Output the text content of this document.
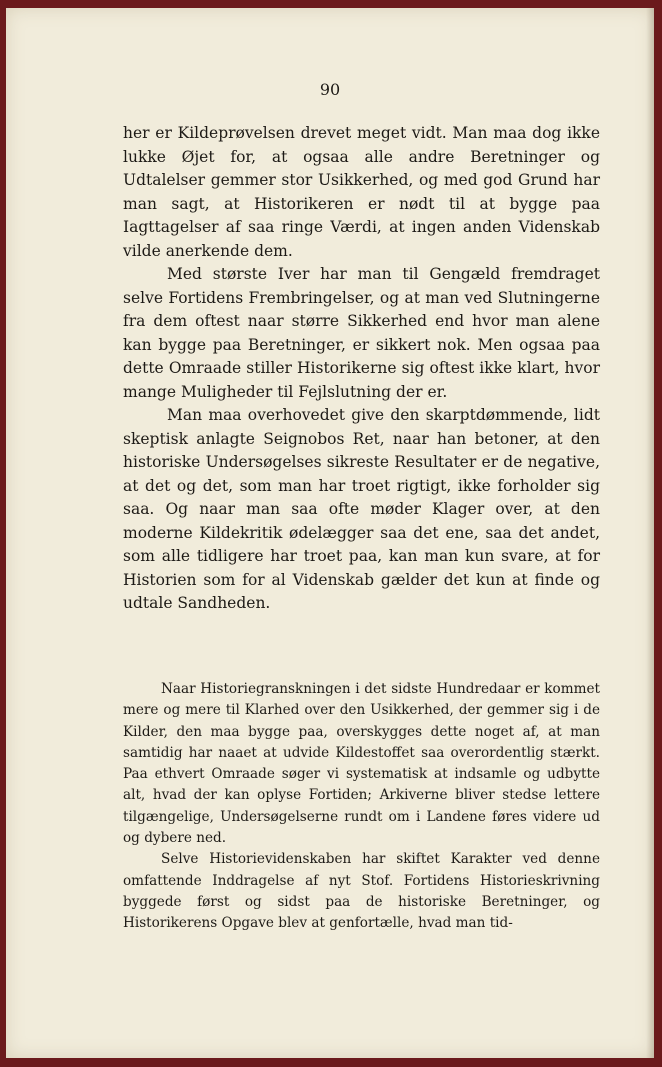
90

her er Kildeprøvelsen drevet meget vidt. Man maa dog ikke lukke Øjet for, at ogsaa alle andre Beretninger og Udtalelser gemmer stor Usikkerhed, og med god Grund har man sagt, at Historikeren er nødt til at bygge paa Iagttagelser af saa ringe Værdi, at ingen anden Videnskab vilde anerkende dem.

Med største Iver har man til Gengæld fremdraget selve Fortidens Frembringelser, og at man ved Slutningerne fra dem oftest naar større Sikkerhed end hvor man alene kan bygge paa Beretninger, er sikkert nok. Men ogsaa paa dette Omraade stiller Historikerne sig oftest ikke klart, hvor mange Muligheder til Fejlslutning der er.

Man maa overhovedet give den skarptdømmende, lidt skeptisk anlagte Seignobos Ret, naar han betoner, at den historiske Undersøgelses sikreste Resultater er de negative, at det og det, som man har troet rigtigt, ikke forholder sig saa. Og naar man saa ofte møder Klager over, at den moderne Kildekritik ødelægger saa det ene, saa det andet, som alle tidligere har troet paa, kan man kun svare, at for Historien som for al Videnskab gælder det kun at finde og udtale Sandheden.

Naar Historiegranskningen i det sidste Hundredaar er kommet mere og mere til Klarhed over den Usikkerhed, der gemmer sig i de Kilder, den maa bygge paa, overskygges dette noget af, at man samtidig har naaet at udvide Kildestoffet saa overordentlig stærkt. Paa ethvert Omraade søger vi systematisk at indsamle og udbytte alt, hvad der kan oplyse Fortiden; Arkiverne bliver stedse lettere tilgængelige, Undersøgelserne rundt om i Landene føres videre ud og dybere ned.

Selve Historievidenskaben har skiftet Karakter ved denne omfattende Inddragelse af nyt Stof. Fortidens Historieskrivning byggede først og sidst paa de historiske Beretninger, og Historikerens Opgave blev at genfortælle, hvad man tid-
